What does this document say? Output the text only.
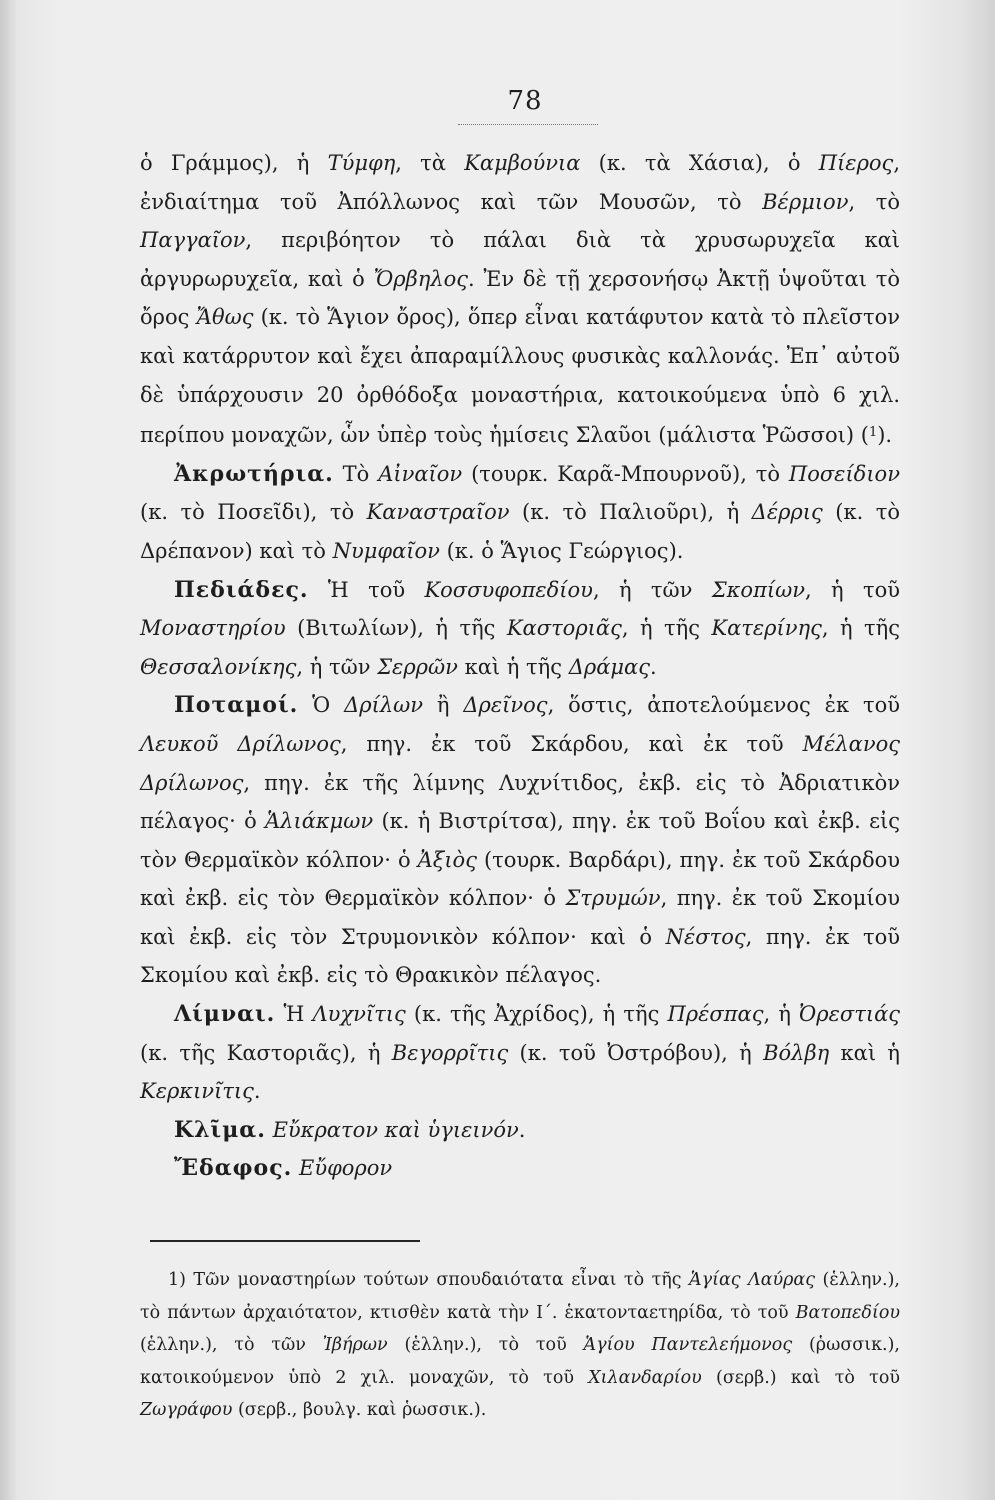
78

ὁ Γράμμος), ἡ Τύμφη, τὰ Καμβούνια (κ. τὰ Χάσια), ὁ Πίερος, ἐνδιαίτημα τοῦ Ἀπόλλωνος καὶ τῶν Μουσῶν, τὸ Βέρμιον, τὸ Παγγαῖον, περιβόητον τὸ πάλαι διὰ τὰ χρυσωρυχεῖα καὶ ἀργυρωρυχεῖα, καὶ ὁ Ὄρβηλος. Ἐν δὲ τῇ χερσονήσῳ Ἀκτῇ ὑψοῦται τὸ ὄρος Ἄθως (κ. τὸ Ἅγιον ὄρος), ὅπερ εἶναι κατάφυτον κατὰ τὸ πλεῖστον καὶ κατάρρυτον καὶ ἔχει ἀπαραμίλλους φυσικὰς καλλονάς. Ἐπ᾿ αὐτοῦ δὲ ὑπάρχουσιν 20 ὀρθόδοξα μοναστήρια, κατοικούμενα ὑπὸ 6 χιλ. περίπου μοναχῶν, ὧν ὑπὲρ τοὺς ἡμίσεις Σλαῦοι (μάλιστα Ῥῶσσοι) ($^1$).

Ἀκρωτήρια. Τὸ Αἰναῖον (τουρκ. Καρᾶ-Μπουρνοῦ), τὸ Ποσείδιον (κ. τὸ Ποσεῖδι), τὸ Καναστραῖον (κ. τὸ Παλιοῦρι), ἡ Δέρρις (κ. τὸ Δρέπανον) καὶ τὸ Νυμφαῖον (κ. ὁ Ἅγιος Γεώργιος).

Πεδιάδες. Ἡ τοῦ Κοσσυφοπεδίου, ἡ τῶν Σκοπίων, ἡ τοῦ Μοναστηρίου (Βιτωλίων), ἡ τῆς Καστοριᾶς, ἡ τῆς Κατερίνης, ἡ τῆς Θεσσαλονίκης, ἡ τῶν Σερρῶν καὶ ἡ τῆς Δράμας.

Ποταμοί. Ὁ Δρίλων ἢ Δρεῖνος, ὅστις, ἀποτελούμενος ἐκ τοῦ Λευκοῦ Δρίλωνος, πηγ. ἐκ τοῦ Σκάρδου, καὶ ἐκ τοῦ Μέλανος Δρίλωνος, πηγ. ἐκ τῆς λίμνης Λυχνίτιδος, ἐκβ. εἰς τὸ Ἀδριατικὸν πέλαγος· ὁ Ἁλιάκμων (κ. ἡ Βιστρίτσα), πηγ. ἐκ τοῦ Βοΐου καὶ ἐκβ. εἰς τὸν Θερμαϊκὸν κόλπον· ὁ Ἀξιὸς (τουρκ. Βαρδάρι), πηγ. ἐκ τοῦ Σκάρδου καὶ ἐκβ. εἰς τὸν Θερμαϊκὸν κόλπον· ὁ Στρυμών, πηγ. ἐκ τοῦ Σκομίου καὶ ἐκβ. εἰς τὸν Στρυμονικὸν κόλπον· καὶ ὁ Νέστος, πηγ. ἐκ τοῦ Σκομίου καὶ ἐκβ. εἰς τὸ Θρακικὸν πέλαγος.

Λίμναι. Ἡ Λυχνῖτις (κ. τῆς Ἀχρίδος), ἡ τῆς Πρέσπας, ἡ Ὀρεστιάς (κ. τῆς Καστοριᾶς), ἡ Βεγορρῖτις (κ. τοῦ Ὀστρόβου), ἡ Βόλβη καὶ ἡ Κερκινῖτις.

Κλῖμα. Εὔκρατον καὶ ὑγιεινόν.

Ἔδαφος. Εὔφορον

1) Τῶν μοναστηρίων τούτων σπουδαιότατα εἶναι τὸ τῆς Ἁγίας Λαύρας (ἑλλην.), τὸ πάντων ἀρχαιότατον, κτισθὲν κατὰ τὴν Ι΄. ἑκατονταετηρίδα, τὸ τοῦ Βατοπεδίου (ἑλλην.), τὸ τῶν Ἰβήρων (ἑλλην.), τὸ τοῦ Ἁγίου Παντελεήμονος (ῥωσσικ.), κατοικούμενον ὑπὸ 2 χιλ. μοναχῶν, τὸ τοῦ Χιλανδαρίου (σερβ.) καὶ τὸ τοῦ Ζωγράφου (σερβ., βουλγ. καὶ ῥωσσικ.).
